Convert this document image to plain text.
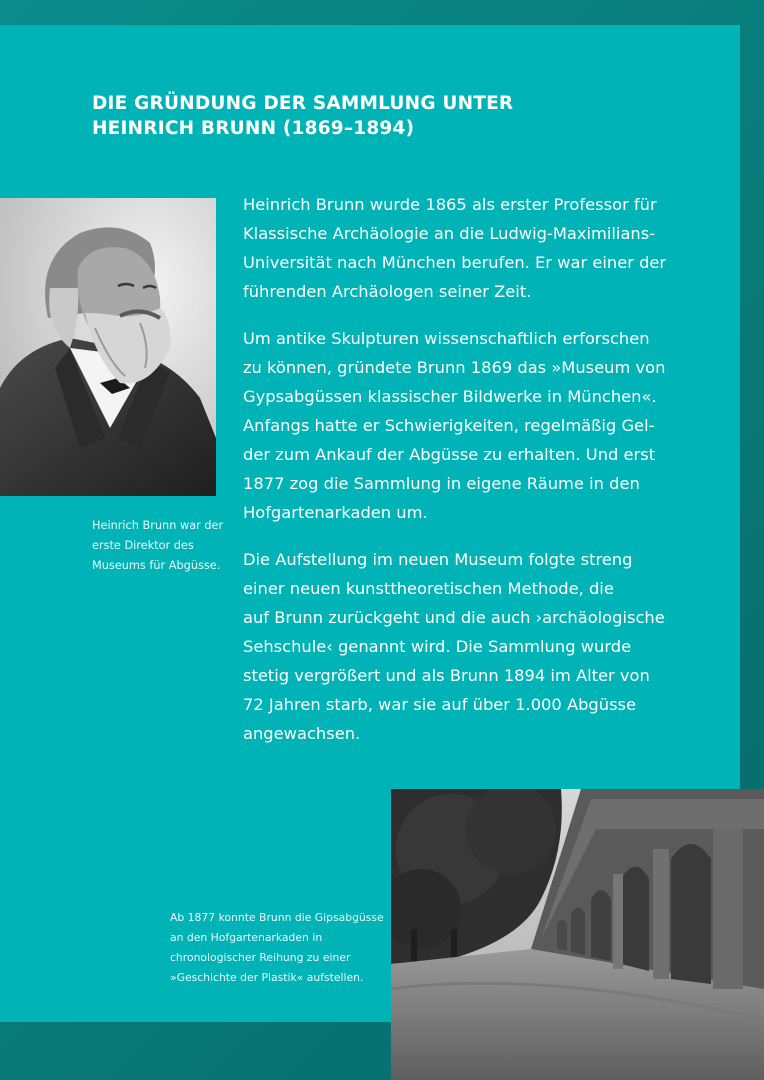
DIE GRÜNDUNG DER SAMMLUNG UNTER
HEINRICH BRUNN (1869–1894)
Heinrich Brunn war der
erste Direktor des
Museums für Abgüsse.

Heinrich Brunn wurde 1865 als erster Professor für
Klassische Archäologie an die Ludwig-Maximilians-
Universität nach München berufen. Er war einer der
führenden Archäologen seiner Zeit.

Um antike Skulpturen wissenschaftlich erforschen
zu können, gründete Brunn 1869 das »Museum von
Gypsabgüssen klassischer Bildwerke in München«.
Anfangs hatte er Schwierigkeiten, regelmäßig Gel-
der zum Ankauf der Abgüsse zu erhalten. Und erst
1877 zog die Sammlung in eigene Räume in den
Hofgartenarkaden um.

Die Aufstellung im neuen Museum folgte streng
einer neuen kunsttheoretischen Methode, die
auf Brunn zurückgeht und die auch ›archäologische
Sehschule‹ genannt wird. Die Sammlung wurde
stetig vergrößert und als Brunn 1894 im Alter von
72 Jahren starb, war sie auf über 1.000 Abgüsse
angewachsen.

Ab 1877 konnte Brunn die Gipsabgüsse
an den Hofgartenarkaden in
chronologischer Reihung zu einer
»Geschichte der Plastik« aufstellen.
